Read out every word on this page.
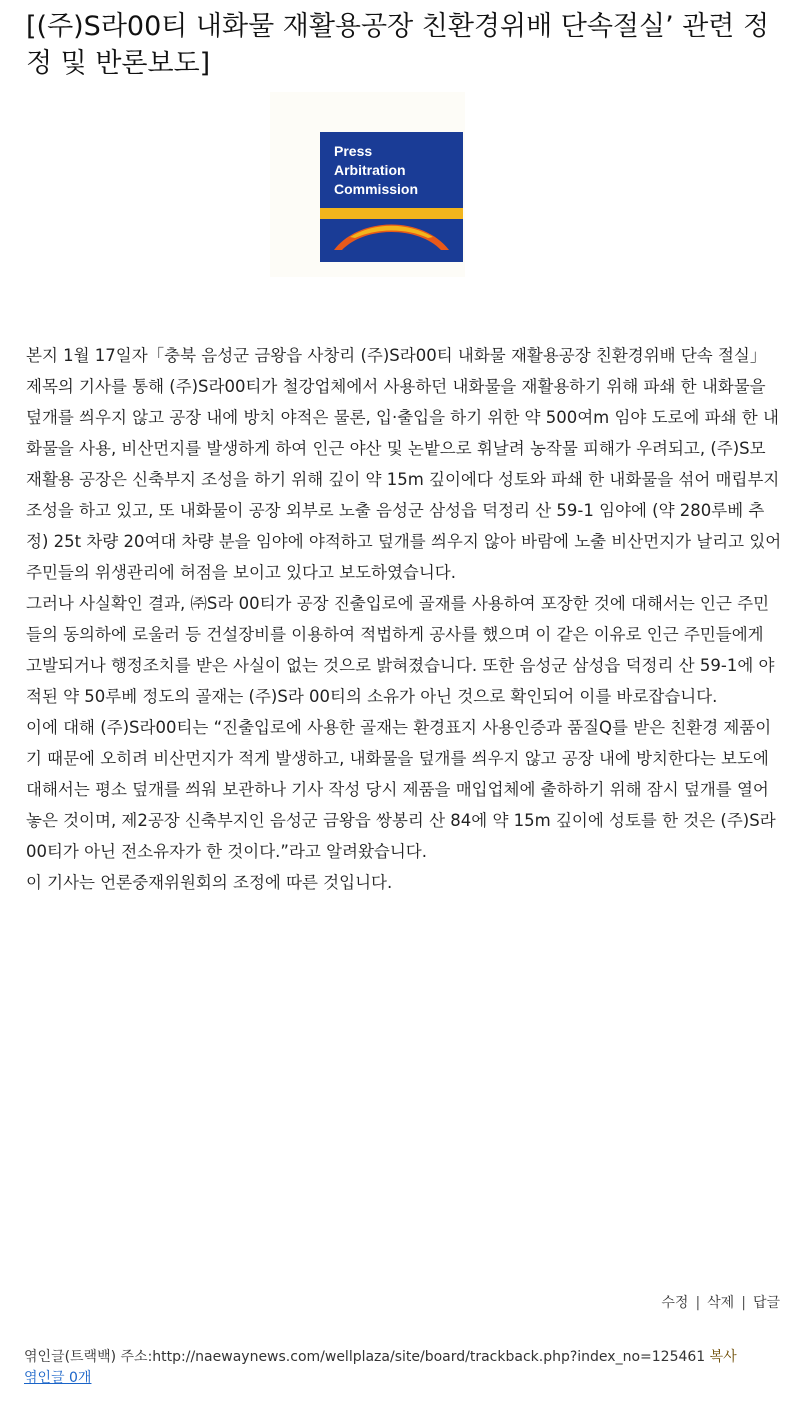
[(주)S라00티 내화물 재활용공장 친환경위배 단속절실’ 관련 정정 및 반론보도]
Press
Arbitration
Commission

본지 1월 17일자「충북 음성군 금왕읍 사창리 (주)S라00티 내화물 재활용공장 친환경위배 단속 절실」제목의 기사를 통해 (주)S라00티가 철강업체에서 사용하던 내화물을 재활용하기 위해 파쇄 한 내화물을 덮개를 씌우지 않고 공장 내에 방치 야적은 물론, 입·출입을 하기 위한 약 500여m 임야 도로에 파쇄 한 내화물을 사용, 비산먼지를 발생하게 하여 인근 야산 및 논밭으로 휘날려 농작물 피해가 우려되고, (주)S모 재활용 공장은 신축부지 조성을 하기 위해 깊이 약 15m 깊이에다 성토와 파쇄 한 내화물을 섞어 매립부지 조성을 하고 있고, 또 내화물이 공장 외부로 노출 음성군 삼성읍 덕정리 산 59-1 임야에 (약 280루베 추정) 25t 차량 20여대 차량 분을 임야에 야적하고 덮개를 씌우지 않아 바람에 노출 비산먼지가 날리고 있어 주민들의 위생관리에 허점을 보이고 있다고 보도하였습니다.

그러나 사실확인 결과, ㈜S라 00티가 공장 진출입로에 골재를 사용하여 포장한 것에 대해서는 인근 주민들의 동의하에 로울러 등 건설장비를 이용하여 적법하게 공사를 했으며 이 같은 이유로 인근 주민들에게 고발되거나 행정조치를 받은 사실이 없는 것으로 밝혀졌습니다. 또한 음성군 삼성읍 덕정리 산 59-1에 야적된 약 50루베 정도의 골재는 (주)S라 00티의 소유가 아닌 것으로 확인되어 이를 바로잡습니다.

이에 대해 (주)S라00티는 “진출입로에 사용한 골재는 환경표지 사용인증과 품질Q를 받은 친환경 제품이기 때문에 오히려 비산먼지가 적게 발생하고, 내화물을 덮개를 씌우지 않고 공장 내에 방치한다는 보도에 대해서는 평소 덮개를 씌워 보관하나 기사 작성 당시 제품을 매입업체에 출하하기 위해 잠시 덮개를 열어 놓은 것이며, 제2공장 신축부지인 음성군 금왕읍 쌍봉리 산 84에 약 15m 깊이에 성토를 한 것은 (주)S라 00티가 아닌 전소유자가 한 것이다.”라고 알려왔습니다.

이 기사는 언론중재위원회의 조정에 따른 것입니다.

수정 | 삭제 | 답글
엮인글(트랙백) 주소:http://naewaynews.com/wellplaza/site/board/trackback.php?index_no=125461 복사
엮인글 0개
